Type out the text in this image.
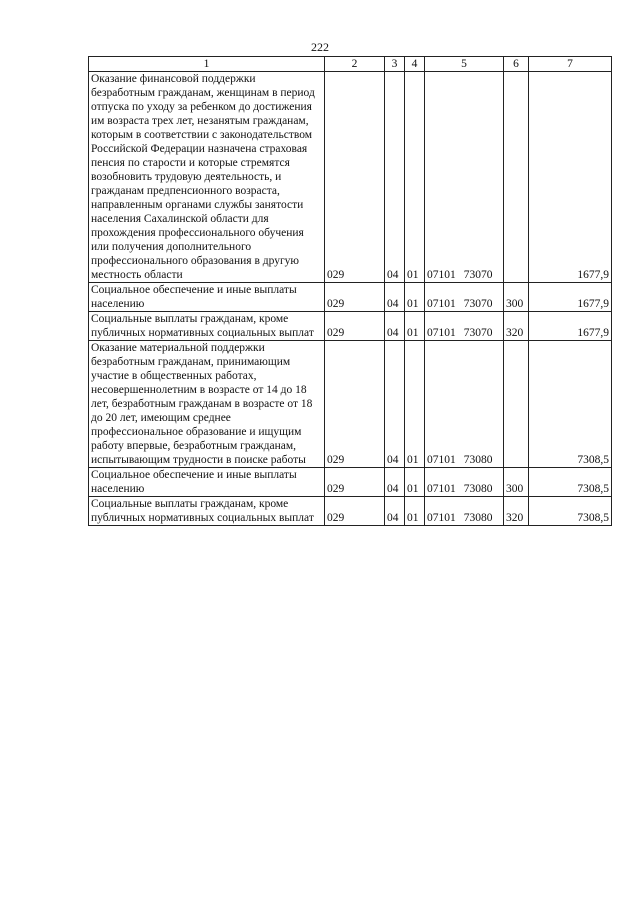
222
1	2	3	4	5	6	7
Оказание финансовой поддержки безработным гражданам, женщинам в период отпуска по уходу за ребенком до достижения им возраста трех лет, незанятым гражданам, которым в соответствии с законодательством Российской Федерации назначена страховая пенсия по старости и которые стремятся возобновить трудовую деятельность, и гражданам предпенсионного возраста, направленным органами службы занятости населения Сахалинской области для прохождения профессионального обучения или получения дополнительного профессионального образования в другую местность области	029	04	01	07101 73070		1677,9
Социальное обеспечение и иные выплаты населению	029	04	01	07101 73070	300	1677,9
Социальные выплаты гражданам, кроме публичных нормативных социальных выплат	029	04	01	07101 73070	320	1677,9
Оказание материальной поддержки безработным гражданам, принимающим участие в общественных работах, несовершеннолетним в возрасте от 14 до 18 лет, безработным гражданам в возрасте от 18 до 20 лет, имеющим среднее профессиональное образование и ищущим работу впервые, безработным гражданам, испытывающим трудности в поиске работы	029	04	01	07101 73080		7308,5
Социальное обеспечение и иные выплаты населению	029	04	01	07101 73080	300	7308,5
Социальные выплаты гражданам, кроме публичных нормативных социальных выплат	029	04	01	07101 73080	320	7308,5
